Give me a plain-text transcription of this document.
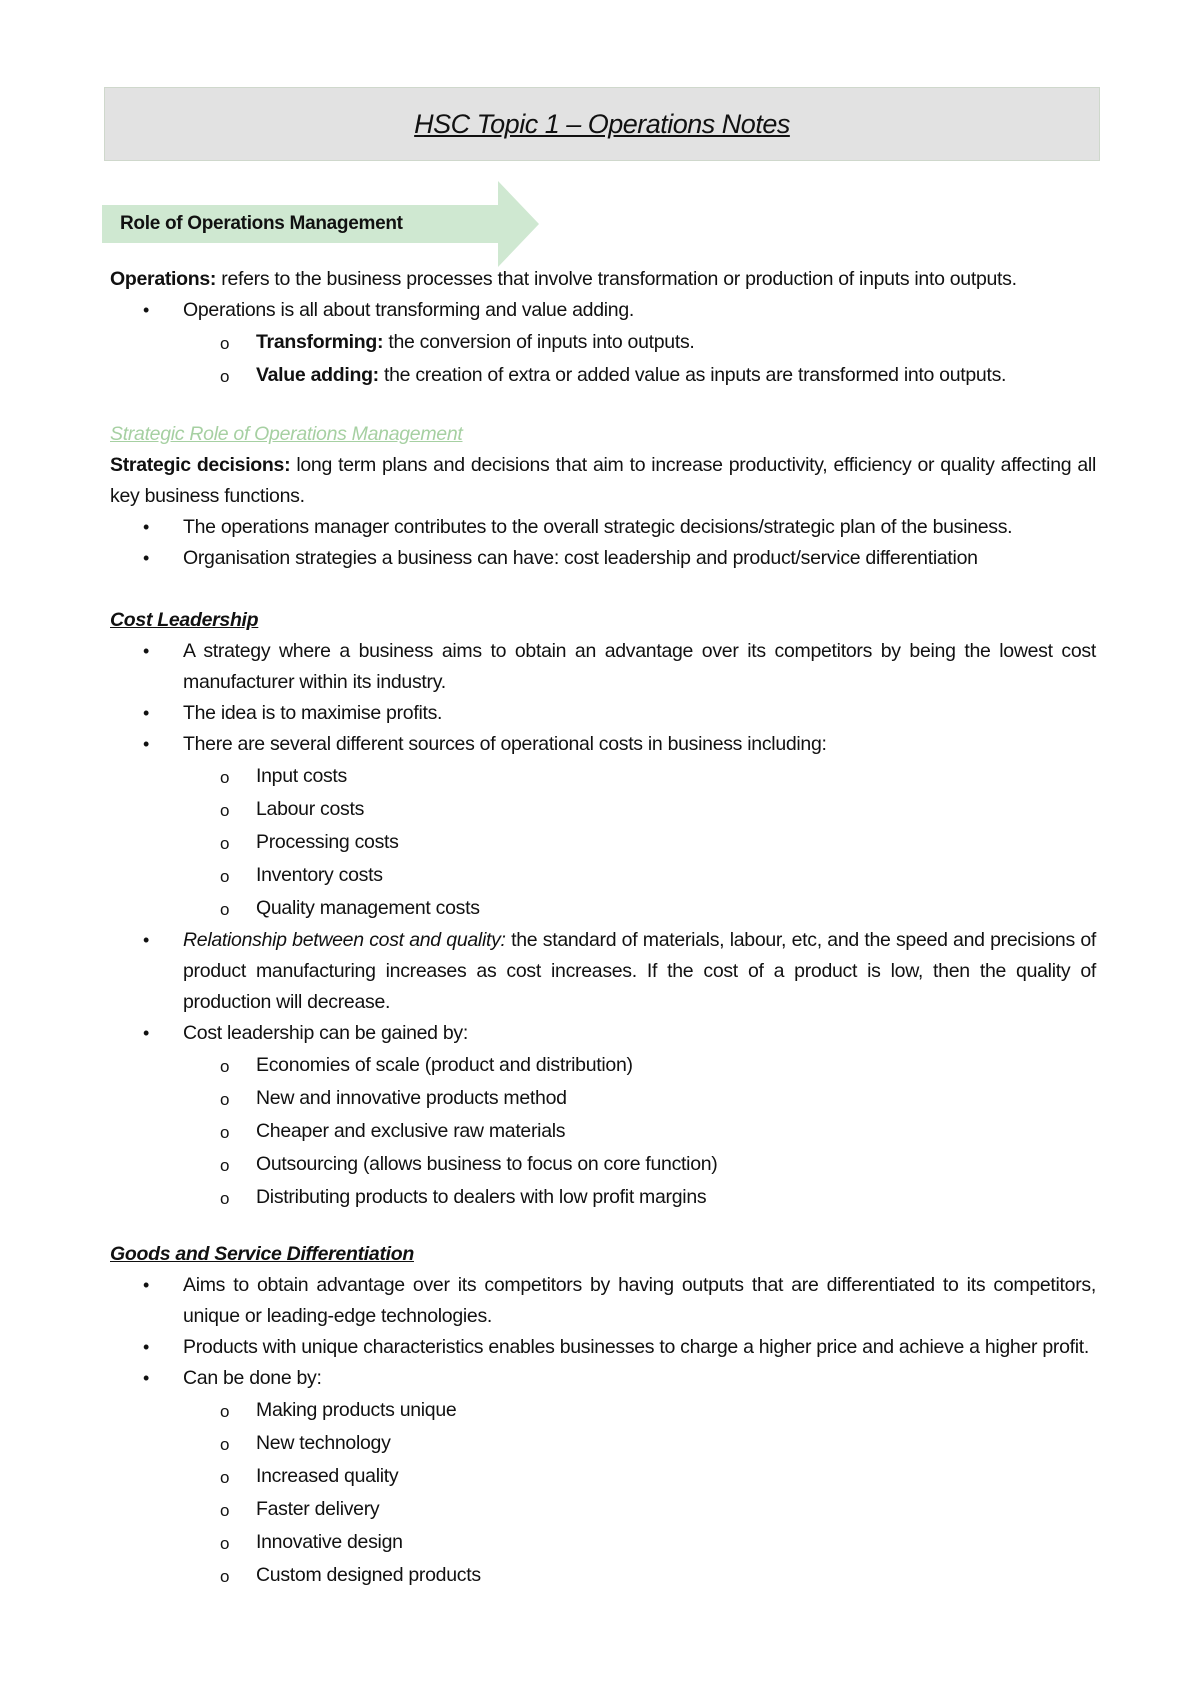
HSC Topic 1 – Operations Notes
Role of Operations Management

Operations: refers to the business processes that involve transformation or production of inputs into outputs.

• Operations is all about transforming and value adding.
o Transforming: the conversion of inputs into outputs.
o Value adding: the creation of extra or added value as inputs are transformed into outputs.

Strategic Role of Operations Management

Strategic decisions: long term plans and decisions that aim to increase productivity, efficiency or quality affecting all key business functions.

• The operations manager contributes to the overall strategic decisions/strategic plan of the business.
• Organisation strategies a business can have: cost leadership and product/service differentiation

Cost Leadership

• A strategy where a business aims to obtain an advantage over its competitors by being the lowest cost manufacturer within its industry.
• The idea is to maximise profits.
• There are several different sources of operational costs in business including:
o Input costs
o Labour costs
o Processing costs
o Inventory costs
o Quality management costs
• Relationship between cost and quality: the standard of materials, labour, etc, and the speed and precisions of product manufacturing increases as cost increases. If the cost of a product is low, then the quality of production will decrease.
• Cost leadership can be gained by:
o Economies of scale (product and distribution)
o New and innovative products method
o Cheaper and exclusive raw materials
o Outsourcing (allows business to focus on core function)
o Distributing products to dealers with low profit margins

Goods and Service Differentiation

• Aims to obtain advantage over its competitors by having outputs that are differentiated to its competitors, unique or leading-edge technologies.
• Products with unique characteristics enables businesses to charge a higher price and achieve a higher profit.
• Can be done by:
o Making products unique
o New technology
o Increased quality
o Faster delivery
o Innovative design
o Custom designed products
